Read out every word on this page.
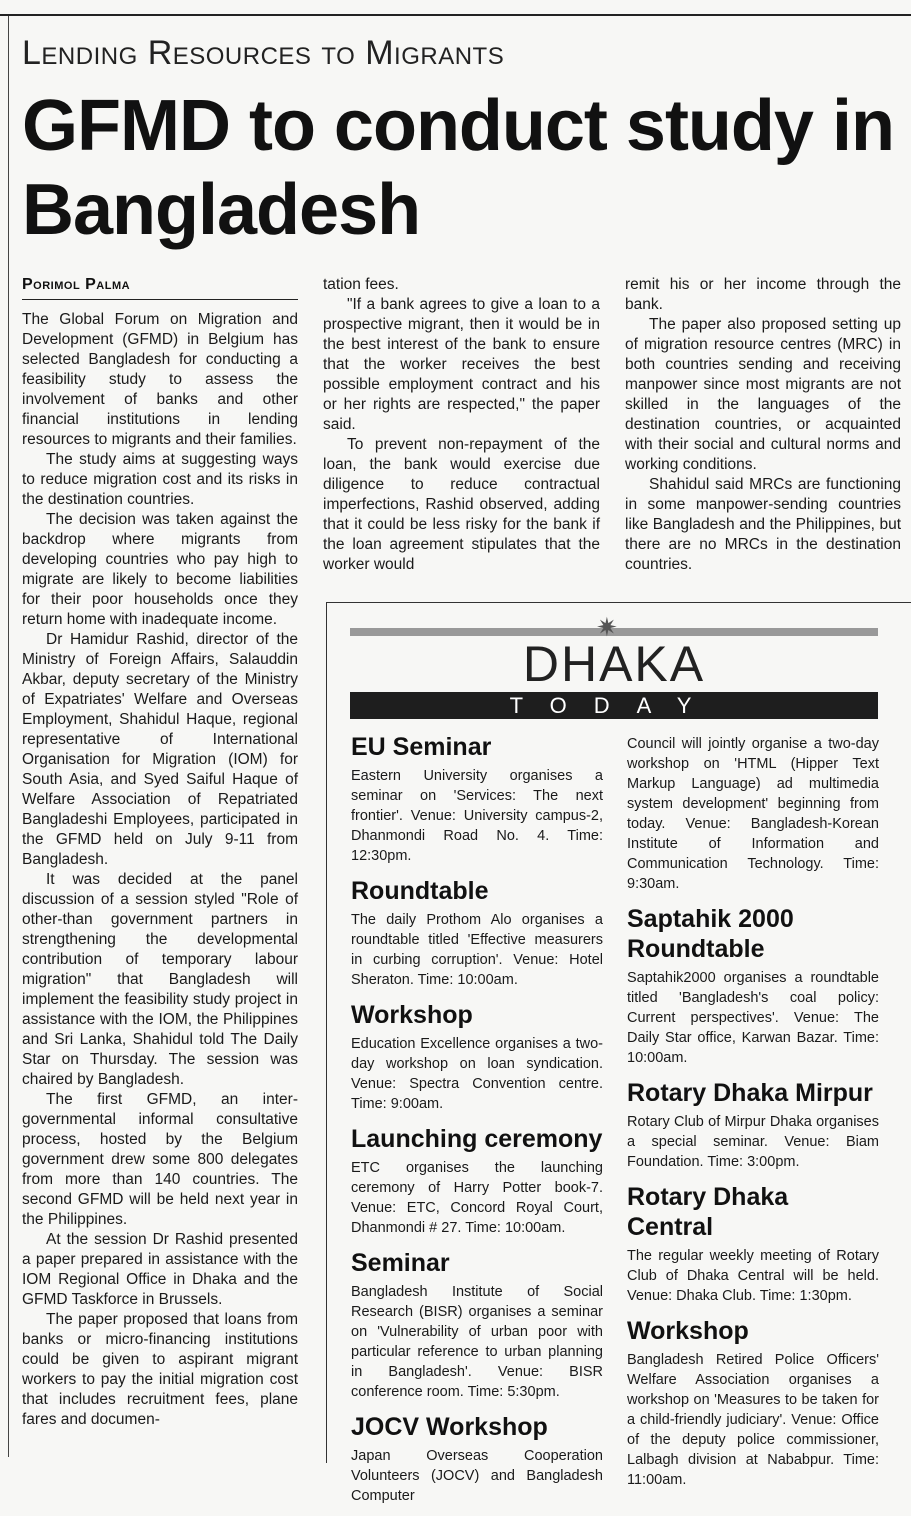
Lending Resources to Migrants
GFMD to conduct study in Bangladesh
Porimol Palma

The Global Forum on Migration and Development (GFMD) in Belgium has selected Bangladesh for conducting a feasibility study to assess the involvement of banks and other financial institutions in lending resources to migrants and their families.

The study aims at suggesting ways to reduce migration cost and its risks in the destination countries.

The decision was taken against the backdrop where migrants from developing countries who pay high to migrate are likely to become liabilities for their poor households once they return home with inadequate income.

Dr Hamidur Rashid, director of the Ministry of Foreign Affairs, Salauddin Akbar, deputy secretary of the Ministry of Expatriates' Welfare and Overseas Employment, Shahidul Haque, regional representative of International Organisation for Migration (IOM) for South Asia, and Syed Saiful Haque of Welfare Association of Repatriated Bangladeshi Employees, participated in the GFMD held on July 9-11 from Bangladesh.

It was decided at the panel discussion of a session styled "Role of other-than government partners in strengthening the developmental contribution of temporary labour migration" that Bangladesh will implement the feasibility study project in assistance with the IOM, the Philippines and Sri Lanka, Shahidul told The Daily Star on Thursday. The session was chaired by Bangladesh.

The first GFMD, an inter-governmental informal consultative process, hosted by the Belgium government drew some 800 delegates from more than 140 countries. The second GFMD will be held next year in the Philippines.

At the session Dr Rashid presented a paper prepared in assistance with the IOM Regional Office in Dhaka and the GFMD Taskforce in Brussels.

The paper proposed that loans from banks or micro-financing institutions could be given to aspirant migrant workers to pay the initial migration cost that includes recruitment fees, plane fares and documen-

tation fees.

"If a bank agrees to give a loan to a prospective migrant, then it would be in the best interest of the bank to ensure that the worker receives the best possible employment contract and his or her rights are respected," the paper said.

To prevent non-repayment of the loan, the bank would exercise due diligence to reduce contractual imperfections, Rashid observed, adding that it could be less risky for the bank if the loan agreement stipulates that the worker would

remit his or her income through the bank.

The paper also proposed setting up of migration resource centres (MRC) in both countries sending and receiving manpower since most migrants are not skilled in the languages of the destination countries, or acquainted with their social and cultural norms and working conditions.

Shahidul said MRCs are functioning in some manpower-sending countries like Bangladesh and the Philippines, but there are no MRCs in the destination countries.

✷
DHAKA
TODAY
EU Seminar
Eastern University organises a seminar on 'Services: The next frontier'. Venue: University campus-2, Dhanmondi Road No. 4. Time: 12:30pm.
Roundtable
The daily Prothom Alo organises a roundtable titled 'Effective measurers in curbing corruption'. Venue: Hotel Sheraton. Time: 10:00am.
Workshop
Education Excellence organises a two-day workshop on loan syndication. Venue: Spectra Convention centre. Time: 9:00am.
Launching ceremony
ETC organises the launching ceremony of Harry Potter book-7. Venue: ETC, Concord Royal Court, Dhanmondi # 27. Time: 10:00am.
Seminar
Bangladesh Institute of Social Research (BISR) organises a seminar on 'Vulnerability of urban poor with particular reference to urban planning in Bangladesh'. Venue: BISR conference room. Time: 5:30pm.
JOCV Workshop
Japan Overseas Cooperation Volunteers (JOCV) and Bangladesh Computer
Council will jointly organise a two-day workshop on 'HTML (Hipper Text Markup Language) ad multimedia system development' beginning from today. Venue: Bangladesh-Korean Institute of Information and Communication Technology. Time: 9:30am.
Saptahik 2000 Roundtable
Saptahik2000 organises a roundtable titled 'Bangladesh's coal policy: Current perspectives'. Venue: The Daily Star office, Karwan Bazar. Time: 10:00am.
Rotary Dhaka Mirpur
Rotary Club of Mirpur Dhaka organises a special seminar. Venue: Biam Foundation. Time: 3:00pm.
Rotary Dhaka Central
The regular weekly meeting of Rotary Club of Dhaka Central will be held. Venue: Dhaka Club. Time: 1:30pm.
Workshop
Bangladesh Retired Police Officers' Welfare Association organises a workshop on 'Measures to be taken for a child-friendly judiciary'. Venue: Office of the deputy police commissioner, Lalbagh division at Nababpur. Time: 11:00am.
